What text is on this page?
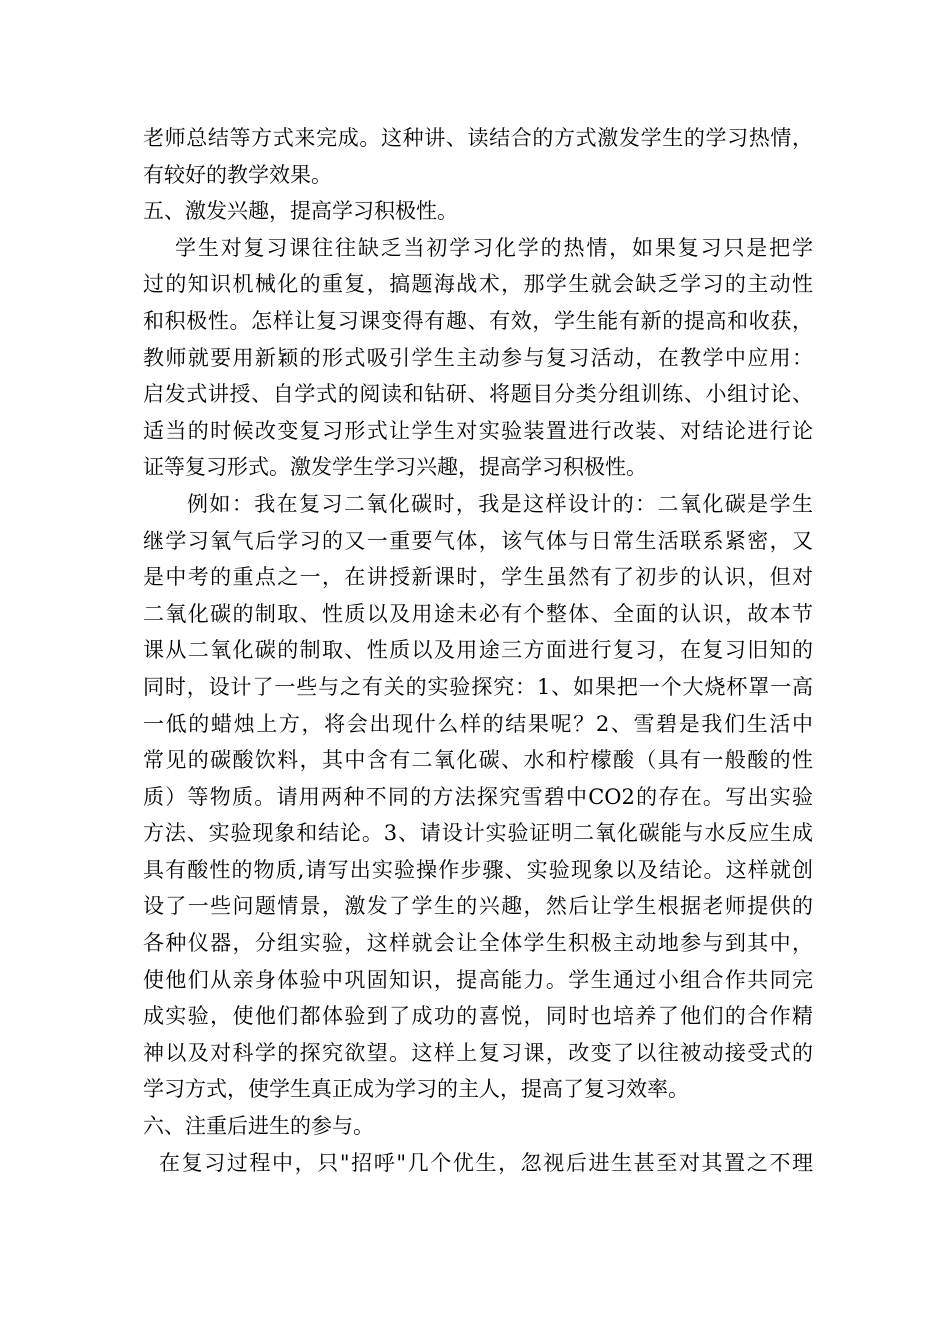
老师总结等方式来完成。这种讲、读结合的方式激发学生的学习热情，
有较好的教学效果。
五、激发兴趣，提高学习积极性。
学生对复习课往往缺乏当初学习化学的热情，如果复习只是把学
过的知识机械化的重复，搞题海战术，那学生就会缺乏学习的主动性
和积极性。怎样让复习课变得有趣、有效，学生能有新的提高和收获，
教师就要用新颖的形式吸引学生主动参与复习活动，在教学中应用：
启发式讲授、自学式的阅读和钻研、将题目分类分组训练、小组讨论、
适当的时候改变复习形式让学生对实验装置进行改装、对结论进行论
证等复习形式。激发学生学习兴趣，提高学习积极性。
例如：我在复习二氧化碳时，我是这样设计的：二氧化碳是学生
继学习氧气后学习的又一重要气体，该气体与日常生活联系紧密，又
是中考的重点之一，在讲授新课时，学生虽然有了初步的认识，但对
二氧化碳的制取、性质以及用途未必有个整体、全面的认识，故本节
课从二氧化碳的制取、性质以及用途三方面进行复习，在复习旧知的
同时，设计了一些与之有关的实验探究：1、如果把一个大烧杯罩一高
一低的蜡烛上方，将会出现什么样的结果呢？2、雪碧是我们生活中
常见的碳酸饮料，其中含有二氧化碳、水和柠檬酸（具有一般酸的性
质）等物质。请用两种不同的方法探究雪碧中CO2的存在。写出实验
方法、实验现象和结论。3、请设计实验证明二氧化碳能与水反应生成
具有酸性的物质,请写出实验操作步骤、实验现象以及结论。这样就创
设了一些问题情景，激发了学生的兴趣，然后让学生根据老师提供的
各种仪器，分组实验，这样就会让全体学生积极主动地参与到其中，
使他们从亲身体验中巩固知识，提高能力。学生通过小组合作共同完
成实验，使他们都体验到了成功的喜悦，同时也培养了他们的合作精
神以及对科学的探究欲望。这样上复习课，改变了以往被动接受式的
学习方式，使学生真正成为学习的主人，提高了复习效率。
六、注重后进生的参与。
在复习过程中，只"招呼"几个优生，忽视后进生甚至对其置之不理
